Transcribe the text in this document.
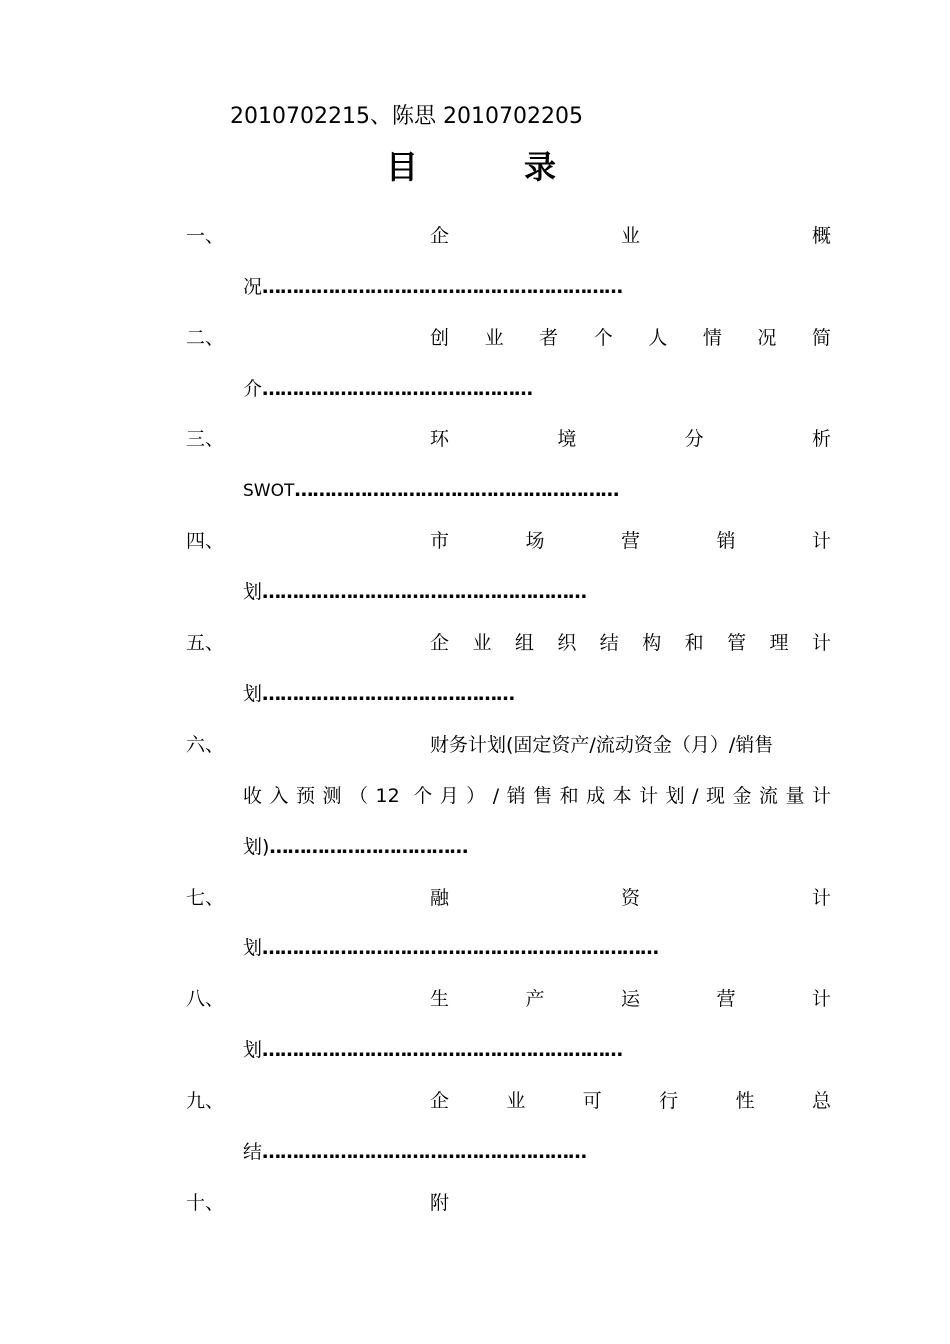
2010702215、陈思 2010702205
目	录
一、	企	业	概
况……………………………………………………
二、	创 业 者 个 人 情 况 简
介………………………………………
三、	环	境	分	析
SWOT………………………………………………
四、	市	场	营	销	计
划………………………………………………
五、	企 业 组 织 结 构 和 管 理 计
划……………………………………
六、	财务计划(固定资产/流动资金（月）/销售
收入预测（12 个月）/销售和成本计划/现金流量计
划)……………………………
七、	融	资	计
划…………………………………………………………
八、	生	产	运	营	计
划……………………………………………………
九、	企	业	可	行	性	总
结………………………………………………
十、	附
